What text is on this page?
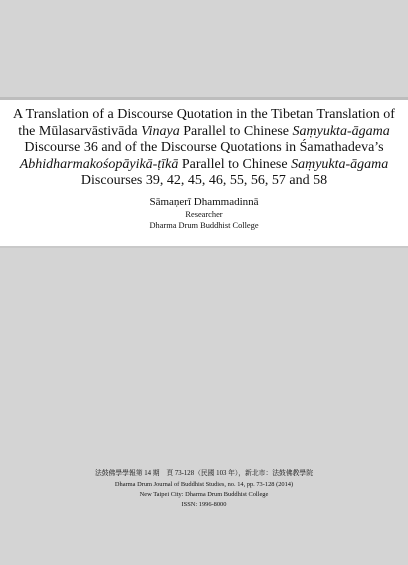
A Translation of a Discourse Quotation in the Tibetan Translation of
the Mūlasarvāstivāda Vinaya Parallel to Chinese Saṃyukta-āgama
Discourse 36 and of the Discourse Quotations in Śamathadeva’s
Abhidharmakośopāyikā-ṭīkā Parallel to Chinese Saṃyukta-āgama
Discourses 39, 42, 45, 46, 55, 56, 57 and 58
Sāmaṇerī Dhammadinnā
Researcher
Dharma Drum Buddhist College
法鼓佛學學報第 14 期　頁 73-128（民國 103 年），新北市：法鼓佛教學院
Dharma Drum Journal of Buddhist Studies, no. 14, pp. 73-128 (2014)
New Taipei City: Dharma Drum Buddhist College
ISSN: 1996-8000
